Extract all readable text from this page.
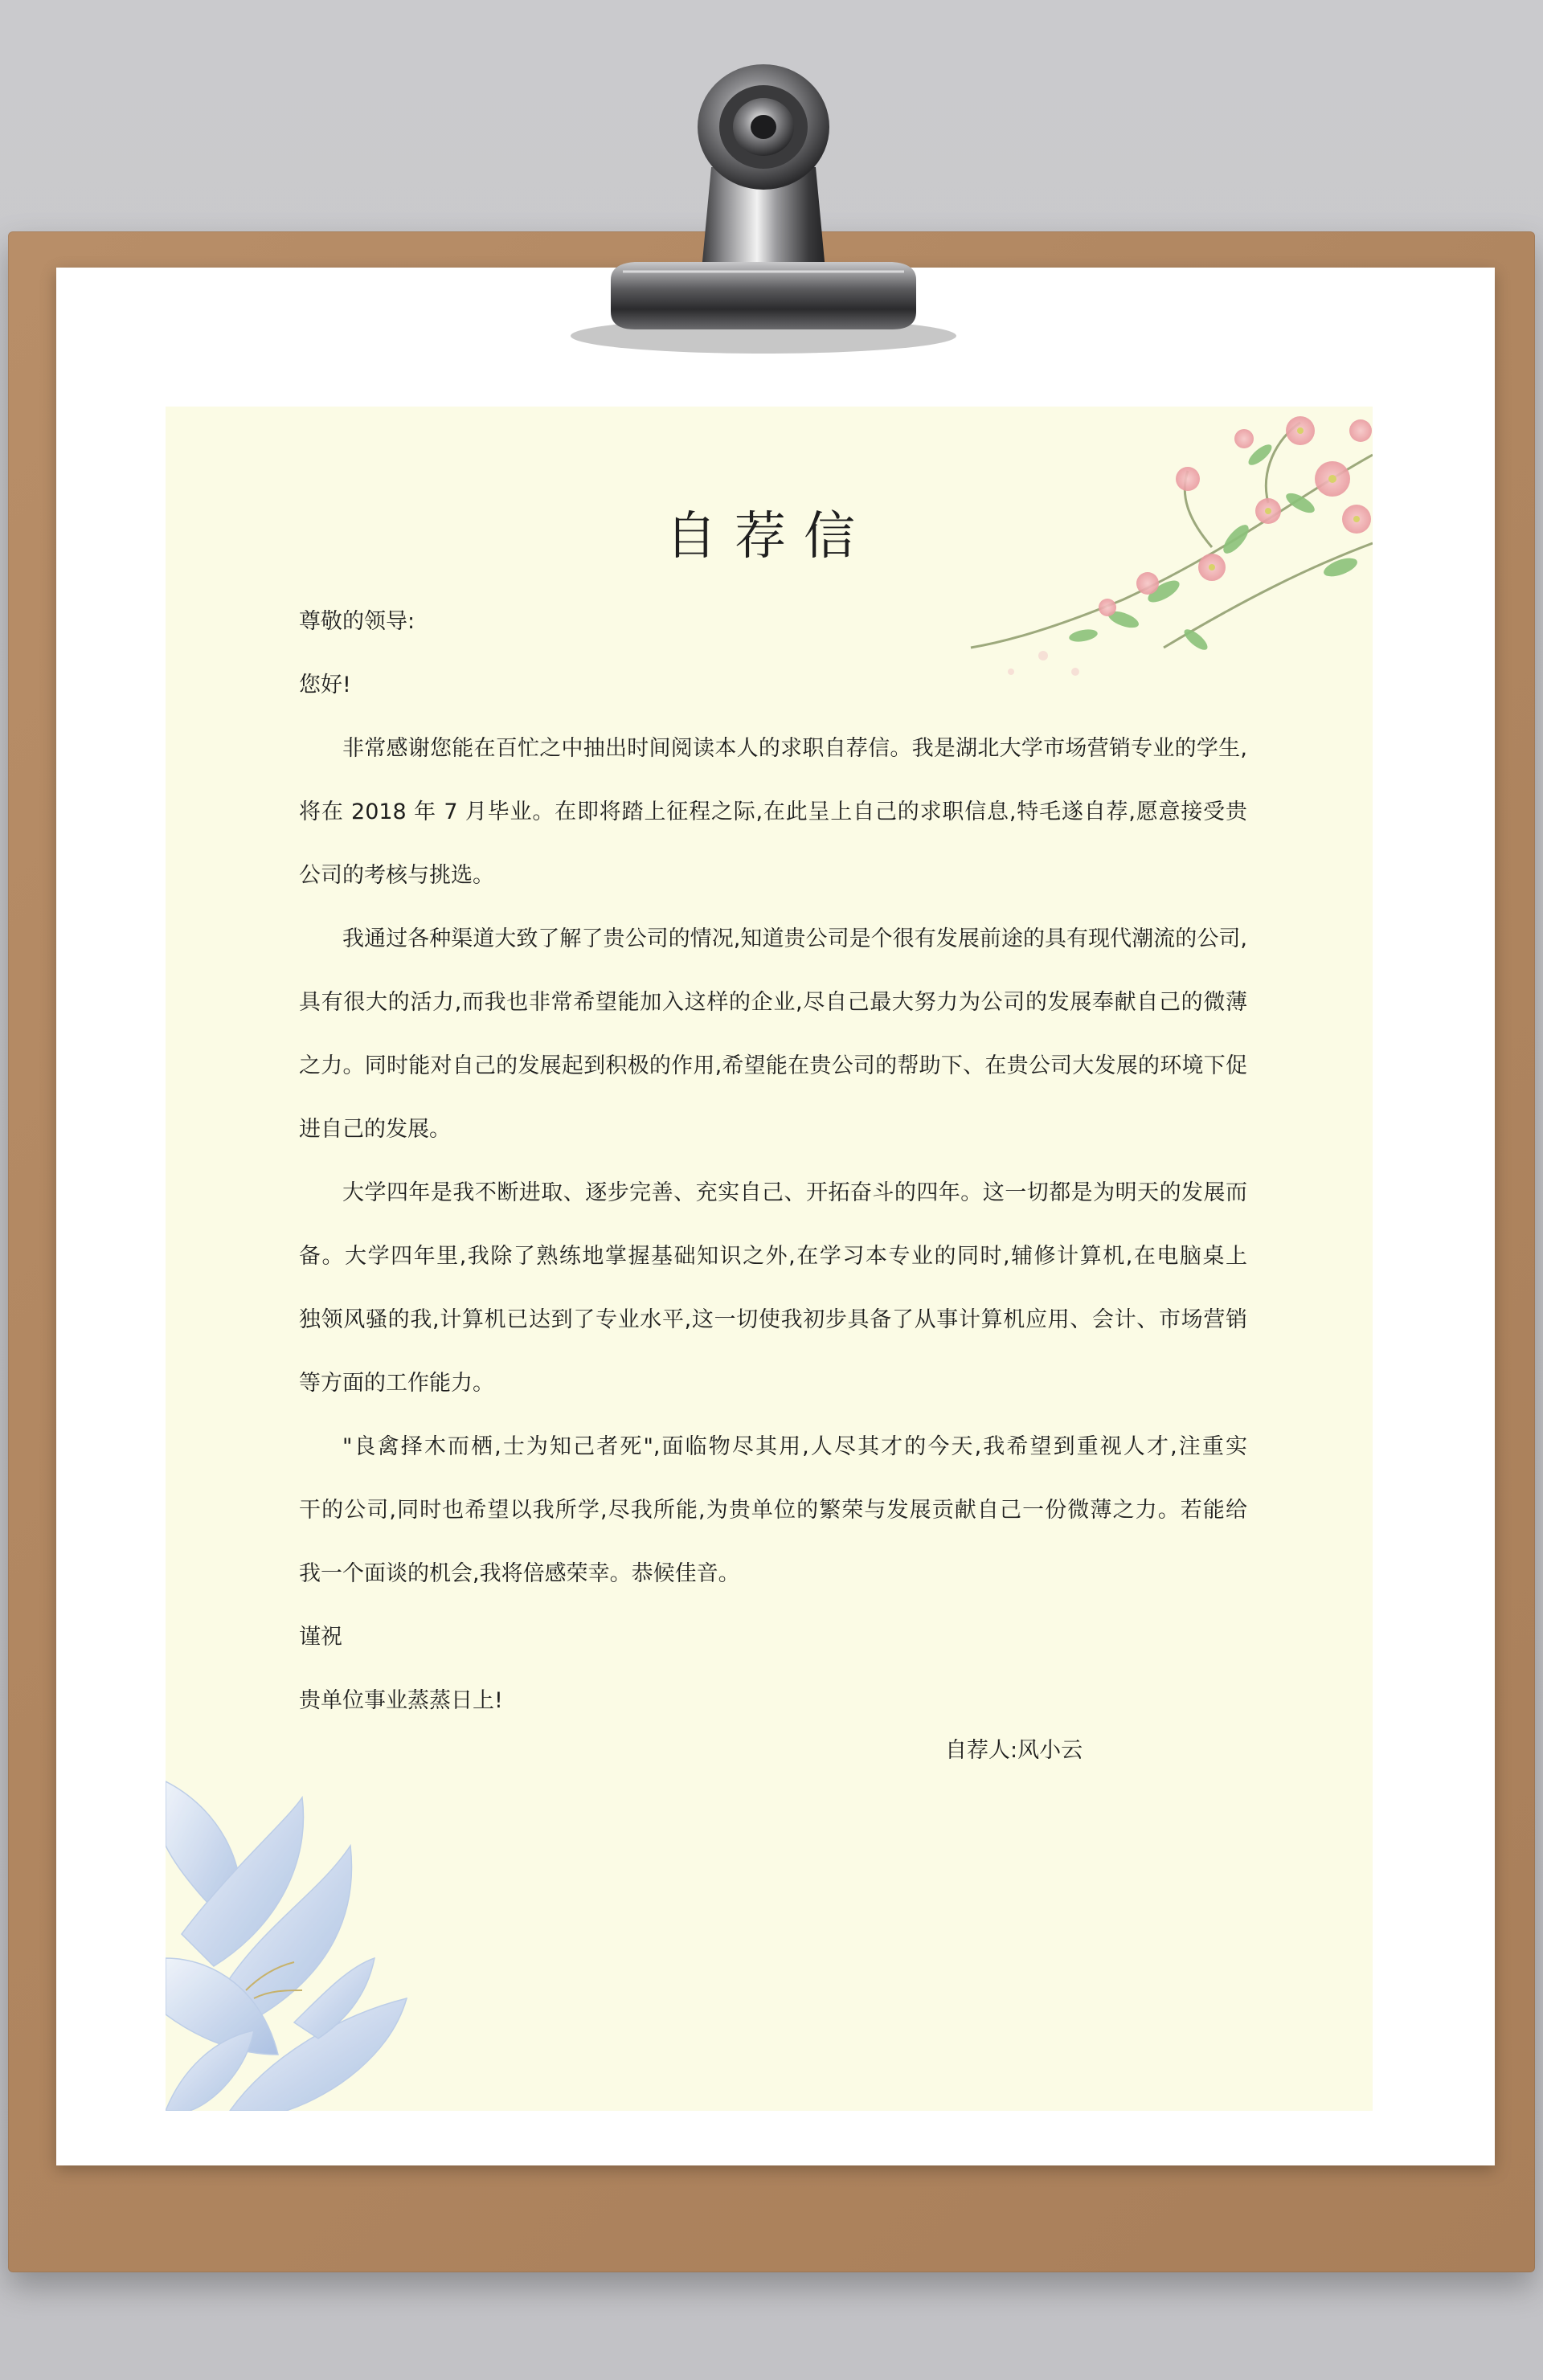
自荐信
尊敬的领导:
您好!
非常感谢您能在百忙之中抽出时间阅读本人的求职自荐信。我是湖北大学市场营销专业的学生,
将在 2018 年 7 月毕业。在即将踏上征程之际,在此呈上自己的求职信息,特毛遂自荐,愿意接受贵
公司的考核与挑选。
我通过各种渠道大致了解了贵公司的情况,知道贵公司是个很有发展前途的具有现代潮流的公司,
具有很大的活力,而我也非常希望能加入这样的企业,尽自己最大努力为公司的发展奉献自己的微薄
之力。同时能对自己的发展起到积极的作用,希望能在贵公司的帮助下、在贵公司大发展的环境下促
进自己的发展。
大学四年是我不断进取、逐步完善、充实自己、开拓奋斗的四年。这一切都是为明天的发展而
备。大学四年里,我除了熟练地掌握基础知识之外,在学习本专业的同时,辅修计算机,在电脑桌上
独领风骚的我,计算机已达到了专业水平,这一切使我初步具备了从事计算机应用、会计、市场营销
等方面的工作能力。
"良禽择木而栖,士为知己者死",面临物尽其用,人尽其才的今天,我希望到重视人才,注重实
干的公司,同时也希望以我所学,尽我所能,为贵单位的繁荣与发展贡献自己一份微薄之力。若能给
我一个面谈的机会,我将倍感荣幸。恭候佳音。
谨祝
贵单位事业蒸蒸日上!
自荐人:风小云
